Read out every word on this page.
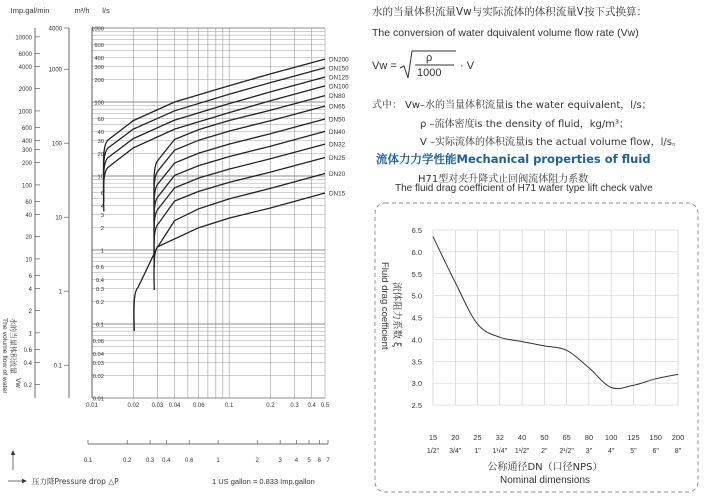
Imp.gal/min	m³/h l/s
10000
6000
4000
2000
1000
600
400
300
200
100
60
40
20
10
6
4
2
1
0.6
0.4
0.2
4000
1000
100
10
1
0.1
1000
600
400
300
200
100
60
40
30
20
10
6
4
3
2
1
0.6
0.4
0.3
0.2
0.1
0.06
0.04
0.03
0.02
0.01
0.01	0.02 0.03 0.04 0.06	0.1	0.2	0.3 0.4 0.5
0.1	0.2 0.3 0.4 0.6	1	2	3 4 5 6 7
DN15
DN20
DN25
DN32
DN40
DN50
DN65
DN80
DN100
DN125
DN150
DN200
水的当量体积流量
The volume flow of water Vw
压力降Pressure drop △P	1 US gallon = 0.833 Imp.gallon
水的当量体积流量Vw与实际流体的体积流量V按下式换算：
The conversion of water dquivalent volume flow rate (Vw)
Vw =
ρ
1000
· V
式中： Vw–水的当量体积流量is the water equivalent，l/s；
ρ –流体密度is the density of fluid，kg/m³；
V –实际流体的体积流量is the actual volume flow，l/s。
流体力力学性能Mechanical properties of fluid
H71型对夹升降式止回阀流体阻力系数
The fluid drag coefficient of H71 wafer type lift check valve
2.5
3.0
3.5
4.0
4.5
5.0
5.5
6.0
6.5
15
1/2"
20
3/4"
25
1"
32
1¹/4"
40
1¹/2"
50
2"
65
2¹/2"
80
3"
100
4"
125
5"
150
6"
200
8"
Fluid drag coefficient 流体阻力系数 ξ
公称通径DN（口径NPS）
Nominal dimensions
